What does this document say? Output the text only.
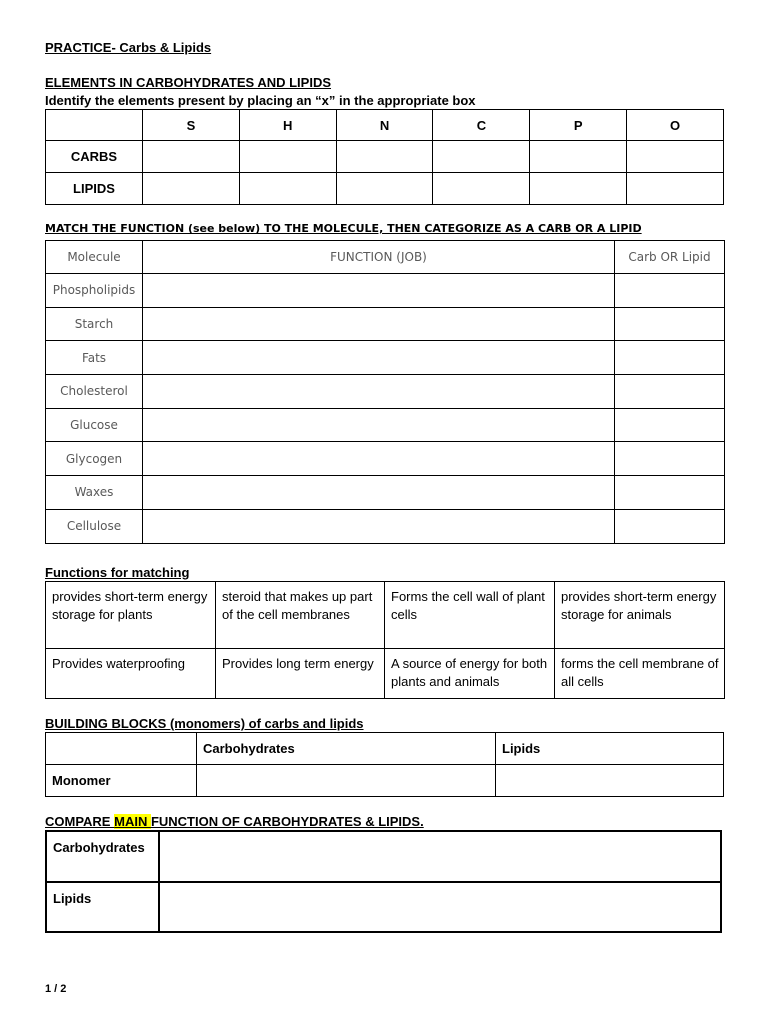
PRACTICE- Carbs & Lipids
ELEMENTS IN CARBOHYDRATES AND LIPIDS
Identify the elements present by placing an “x” in the appropriate box
	S	H	N	C	P	O
CARBS						
LIPIDS						
MATCH THE FUNCTION (see below) TO THE MOLECULE, THEN CATEGORIZE AS A CARB OR A LIPID
Molecule	FUNCTION (JOB)	Carb OR Lipid
Phospholipids		
Starch		
Fats		
Cholesterol		
Glucose		
Glycogen		
Waxes		
Cellulose		
Functions for matching
provides short-term energy storage for plants	steroid that makes up part of the cell membranes	Forms the cell wall of plant cells	provides short-term energy storage for animals
Provides waterproofing	Provides long term energy	A source of energy for both plants and animals	forms the cell membrane of all cells
BUILDING BLOCKS (monomers) of carbs and lipids
	Carbohydrates	Lipids
Monomer		
COMPARE MAIN FUNCTION OF CARBOHYDRATES & LIPIDS.
Carbohydrates	
Lipids	
1 / 2
